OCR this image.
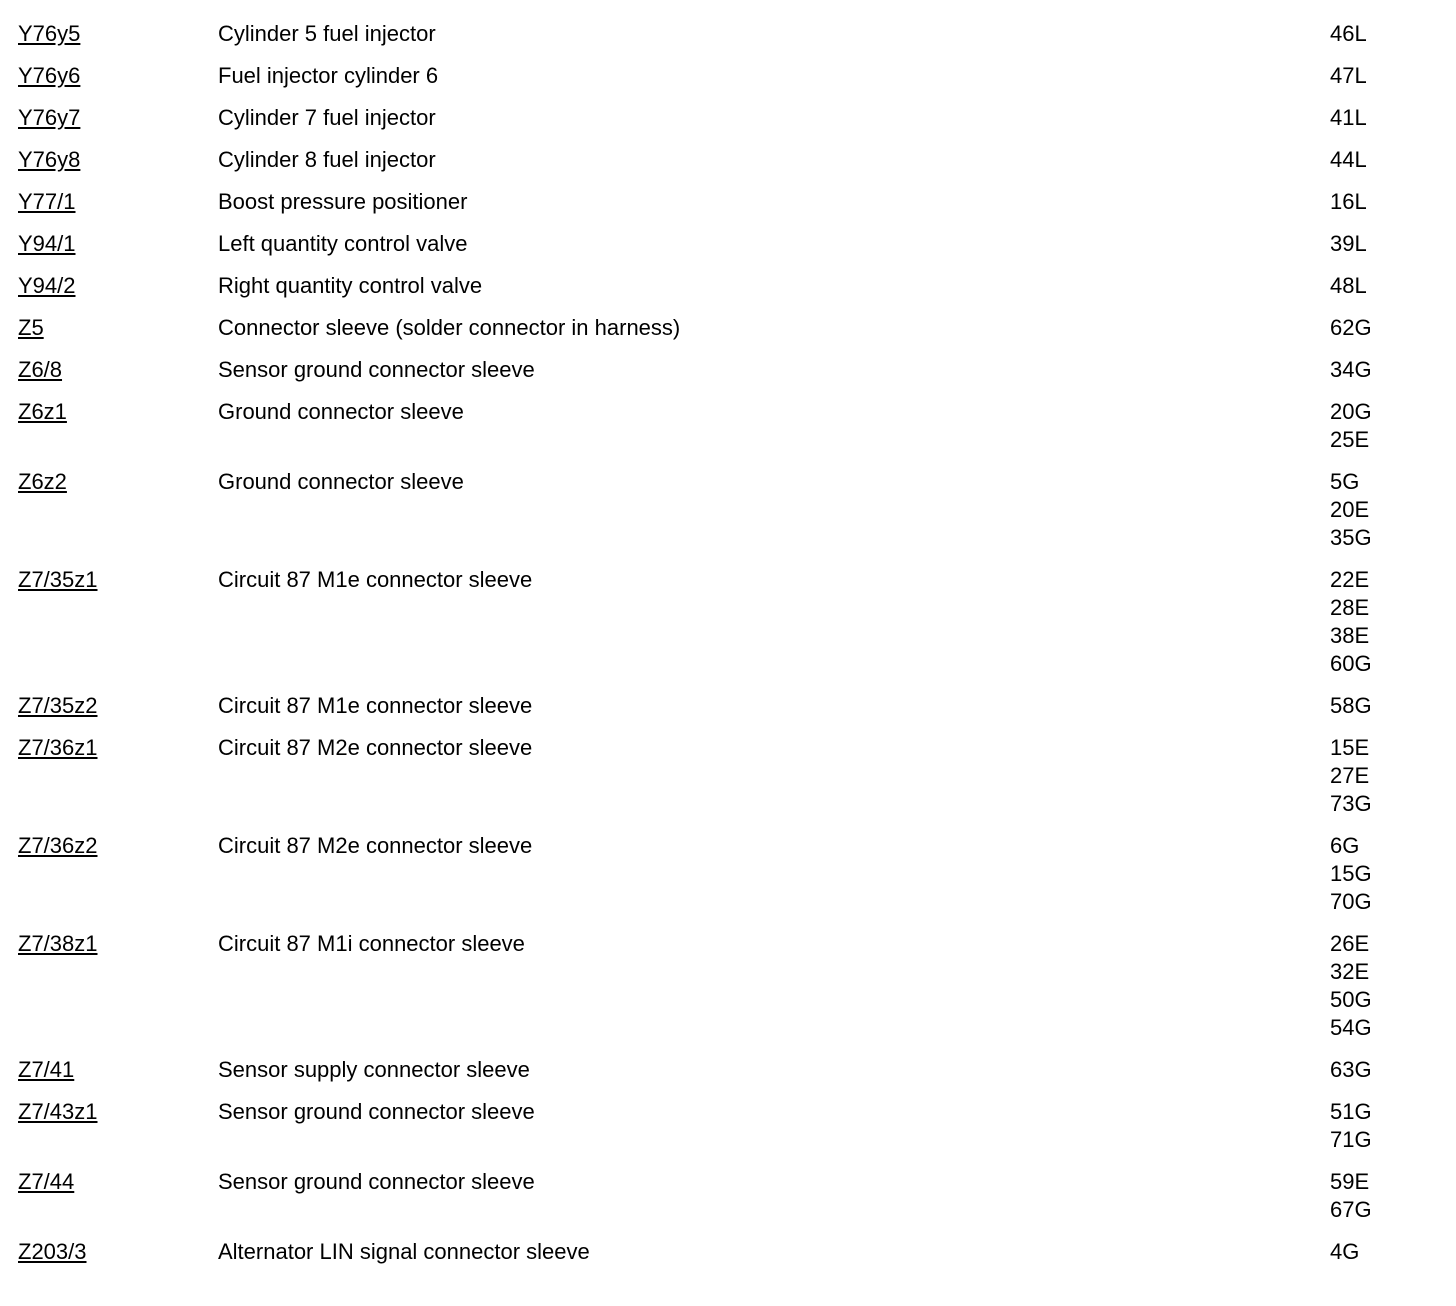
Y76y5	Cylinder 5 fuel injector	46L
Y76y6	Fuel injector cylinder 6	47L
Y76y7	Cylinder 7 fuel injector	41L
Y76y8	Cylinder 8 fuel injector	44L
Y77/1	Boost pressure positioner	16L
Y94/1	Left quantity control valve	39L
Y94/2	Right quantity control valve	48L
Z5	Connector sleeve (solder connector in harness)	62G
Z6/8	Sensor ground connector sleeve	34G
Z6z1	Ground connector sleeve	20G
25E
Z6z2	Ground connector sleeve	5G
20E
35G
Z7/35z1	Circuit 87 M1e connector sleeve	22E
28E
38E
60G
Z7/35z2	Circuit 87 M1e connector sleeve	58G
Z7/36z1	Circuit 87 M2e connector sleeve	15E
27E
73G
Z7/36z2	Circuit 87 M2e connector sleeve	6G
15G
70G
Z7/38z1	Circuit 87 M1i connector sleeve	26E
32E
50G
54G
Z7/41	Sensor supply connector sleeve	63G
Z7/43z1	Sensor ground connector sleeve	51G
71G
Z7/44	Sensor ground connector sleeve	59E
67G
Z203/3	Alternator LIN signal connector sleeve	4G
